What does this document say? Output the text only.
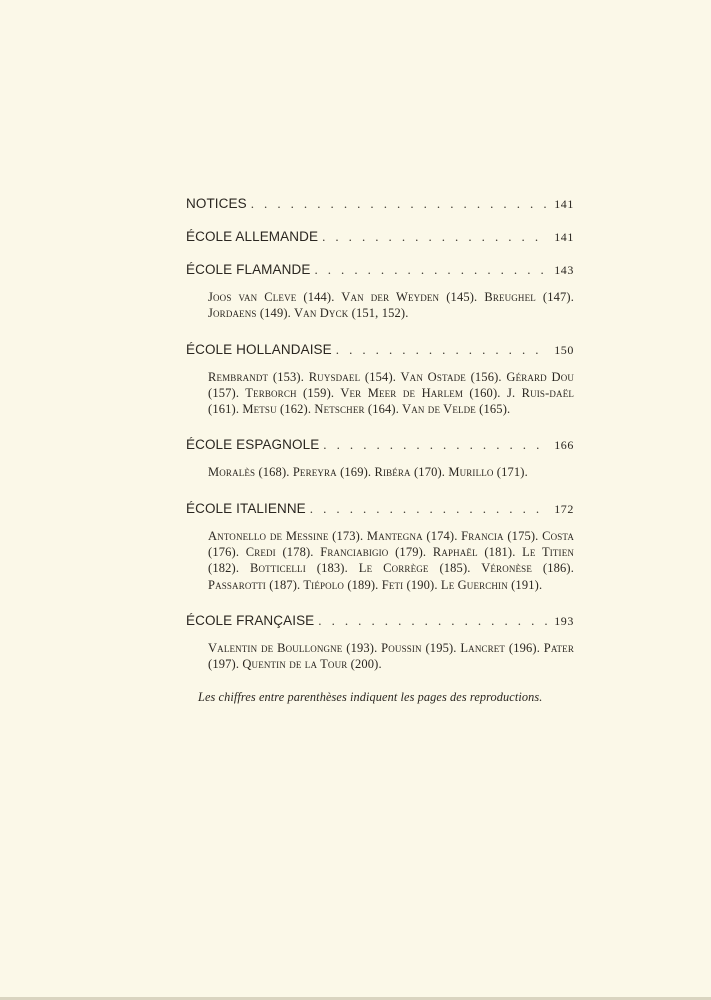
NOTICES . . .	141
ÉCOLE ALLEMANDE . . .	141
ÉCOLE FLAMANDE . . .	143
Joos van Cleve (144). Van der Weyden (145). Breughel (147). Jordaens (149). Van Dyck (151, 152).
ÉCOLE HOLLANDAISE . . .	150
Rembrandt (153). Ruysdael (154). Van Ostade (156). Gérard Dou (157). Terborch (159). Ver Meer de Harlem (160). J. Ruis-daël (161). Metsu (162). Netscher (164). Van de Velde (165).
ÉCOLE ESPAGNOLE . . .	166
Moralès (168). Pereyra (169). Ribéra (170). Murillo (171).
ÉCOLE ITALIENNE . . .	172
Antonello de Messine (173). Mantegna (174). Francia (175). Costa (176). Credi (178). Franciabigio (179). Raphaël (181). Le Titien (182). Botticelli (183). Le Corrège (185). Véronèse (186). Passarotti (187). Tiépolo (189). Feti (190). Le Guerchin (191).
ÉCOLE FRANÇAISE . . .	193
Valentin de Boullongne (193). Poussin (195). Lancret (196). Pater (197). Quentin de la Tour (200).
Les chiffres entre parenthèses indiquent les pages des reproductions.
